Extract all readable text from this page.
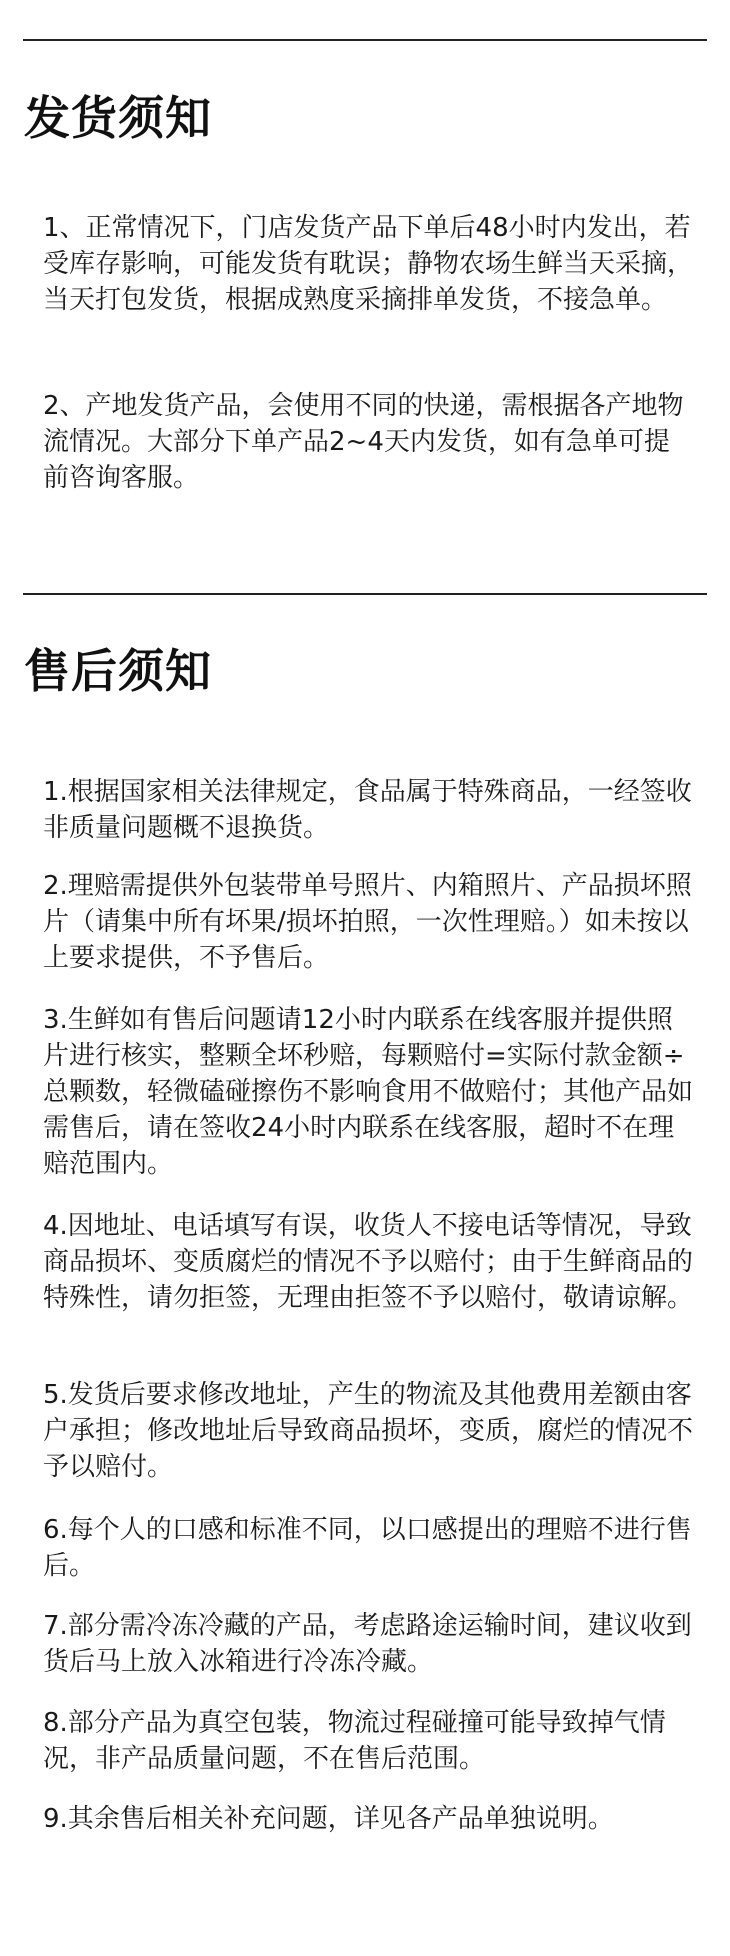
发货须知

1、正常情况下，门店发货产品下单后48小时内发出，若受库存影响，可能发货有耽误；静物农场生鲜当天采摘，当天打包发货，根据成熟度采摘排单发货，不接急单。

2、产地发货产品，会使用不同的快递，需根据各产地物流情况。大部分下单产品2~4天内发货，如有急单可提前咨询客服。

售后须知

1.根据国家相关法律规定，食品属于特殊商品，一经签收非质量问题概不退换货。

2.理赔需提供外包装带单号照片、内箱照片、产品损坏照片（请集中所有坏果/损坏拍照，一次性理赔。）如未按以上要求提供，不予售后。

3.生鲜如有售后问题请12小时内联系在线客服并提供照片进行核实，整颗全坏秒赔，每颗赔付=实际付款金额÷总颗数，轻微磕碰擦伤不影响食用不做赔付；其他产品如需售后，请在签收24小时内联系在线客服，超时不在理赔范围内。

4.因地址、电话填写有误，收货人不接电话等情况，导致商品损坏、变质腐烂的情况不予以赔付；由于生鲜商品的特殊性，请勿拒签，无理由拒签不予以赔付，敬请谅解。

5.发货后要求修改地址，产生的物流及其他费用差额由客户承担；修改地址后导致商品损坏，变质，腐烂的情况不予以赔付。

6.每个人的口感和标准不同，以口感提出的理赔不进行售后。

7.部分需冷冻冷藏的产品，考虑路途运输时间，建议收到货后马上放入冰箱进行冷冻冷藏。

8.部分产品为真空包装，物流过程碰撞可能导致掉气情况，非产品质量问题，不在售后范围。

9.其余售后相关补充问题，详见各产品单独说明。
